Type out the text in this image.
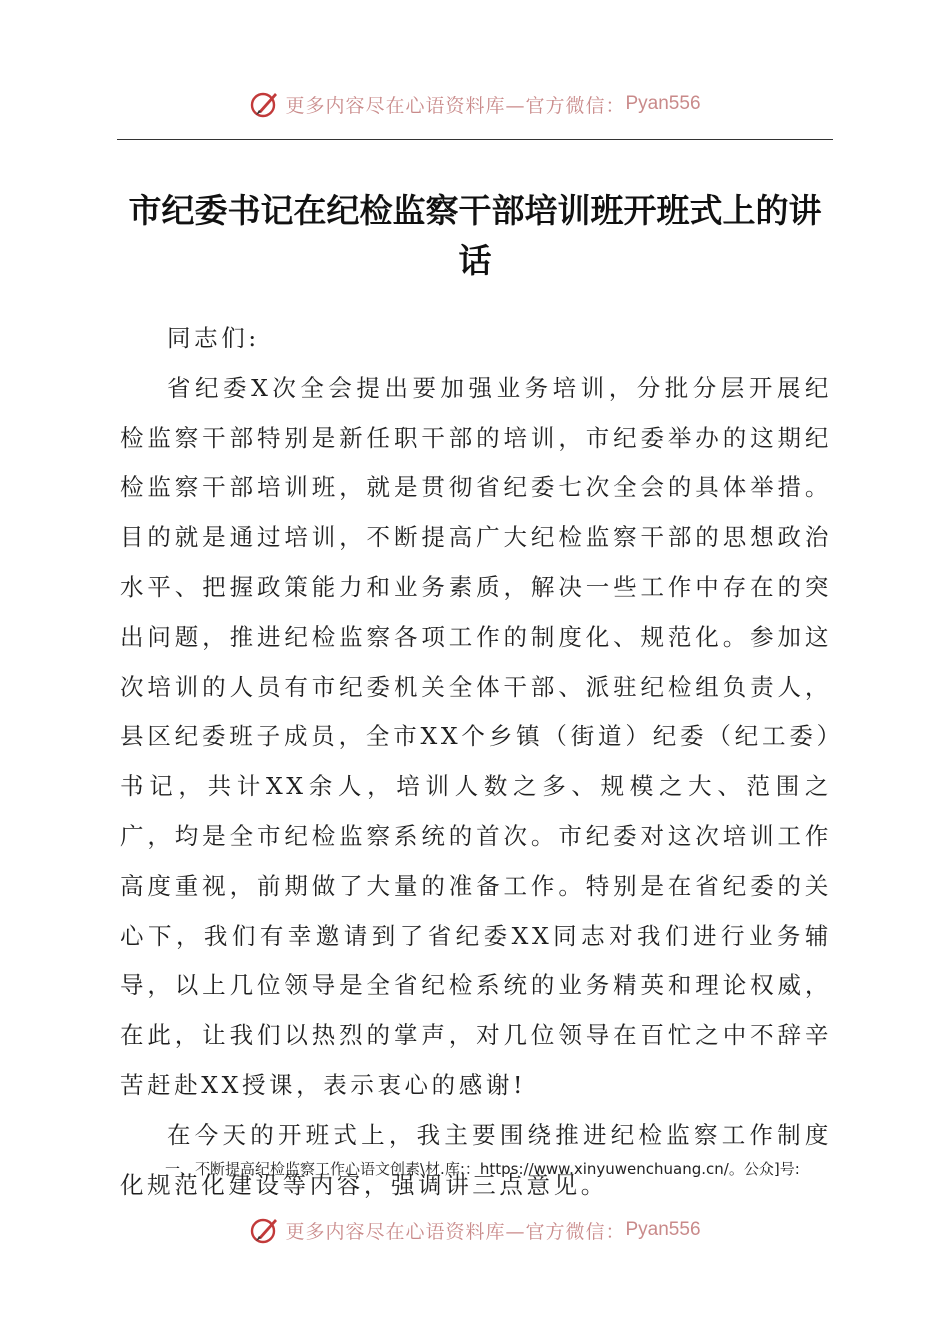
更多内容尽在心语资料库—官方微信： Pyan556
市纪委书记在纪检监察干部培训班开班式上的讲话

同志们:

省纪委X次全会提出要加强业务培训，分批分层开展纪检监察干部特别是新任职干部的培训，市纪委举办的这期纪检监察干部培训班，就是贯彻省纪委七次全会的具体举措。目的就是通过培训，不断提高广大纪检监察干部的思想政治水平、把握政策能力和业务素质，解决一些工作中存在的突出问题，推进纪检监察各项工作的制度化、规范化。参加这次培训的人员有市纪委机关全体干部、派驻纪检组负责人，县区纪委班子成员，全市XX个乡镇（街道）纪委（纪工委）书记，共计XX余人，培训人数之多、规模之大、范围之广，均是全市纪检监察系统的首次。市纪委对这次培训工作高度重视，前期做了大量的准备工作。特别是在省纪委的关心下，我们有幸邀请到了省纪委XX同志对我们进行业务辅导，以上几位领导是全省纪检系统的业务精英和理论权威，在此，让我们以热烈的掌声，对几位领导在百忙之中不辞辛苦赶赴XX授课，表示衷心的感谢!

在今天的开班式上，我主要围绕推进纪检监察工作制度化规范化建设等内容，强调讲三点意见。

一、不断提高纪检监察工作心语文创素\材.库:：https://www.xinyuwenchuang.cn/。公众]号:
更多内容尽在心语资料库—官方微信： Pyan556
